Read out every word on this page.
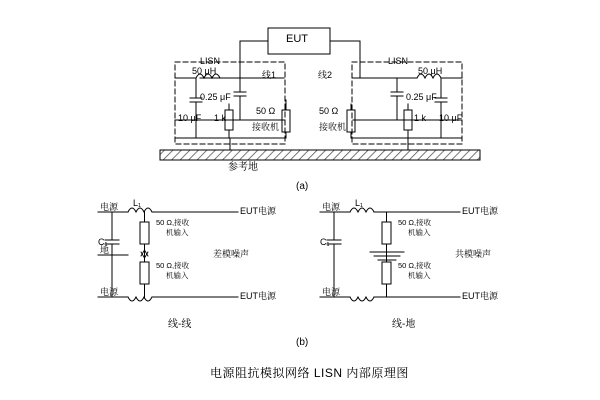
EUT
LISN	LISN
线1	线2
50 μH	50 μH
0.25 μF	0.25 μF
10 μF	10 μF
1 k	1 k
50 Ω	50 Ω
接收机	接收机
参考地
(a)
电源 L₁
EUT电源
C₁
地
电源	EUT电源
50 Ω,接收
机输入
50 Ω,接收
机输入
差模噪声
线-线
电源 L₁
EUT电源
C₁
电源	EUT电源
50 Ω,接收
机输入
50 Ω,接收
机输入
共模噪声
线-地
(b)
电源阻抗模拟网络 LISN 内部原理图
